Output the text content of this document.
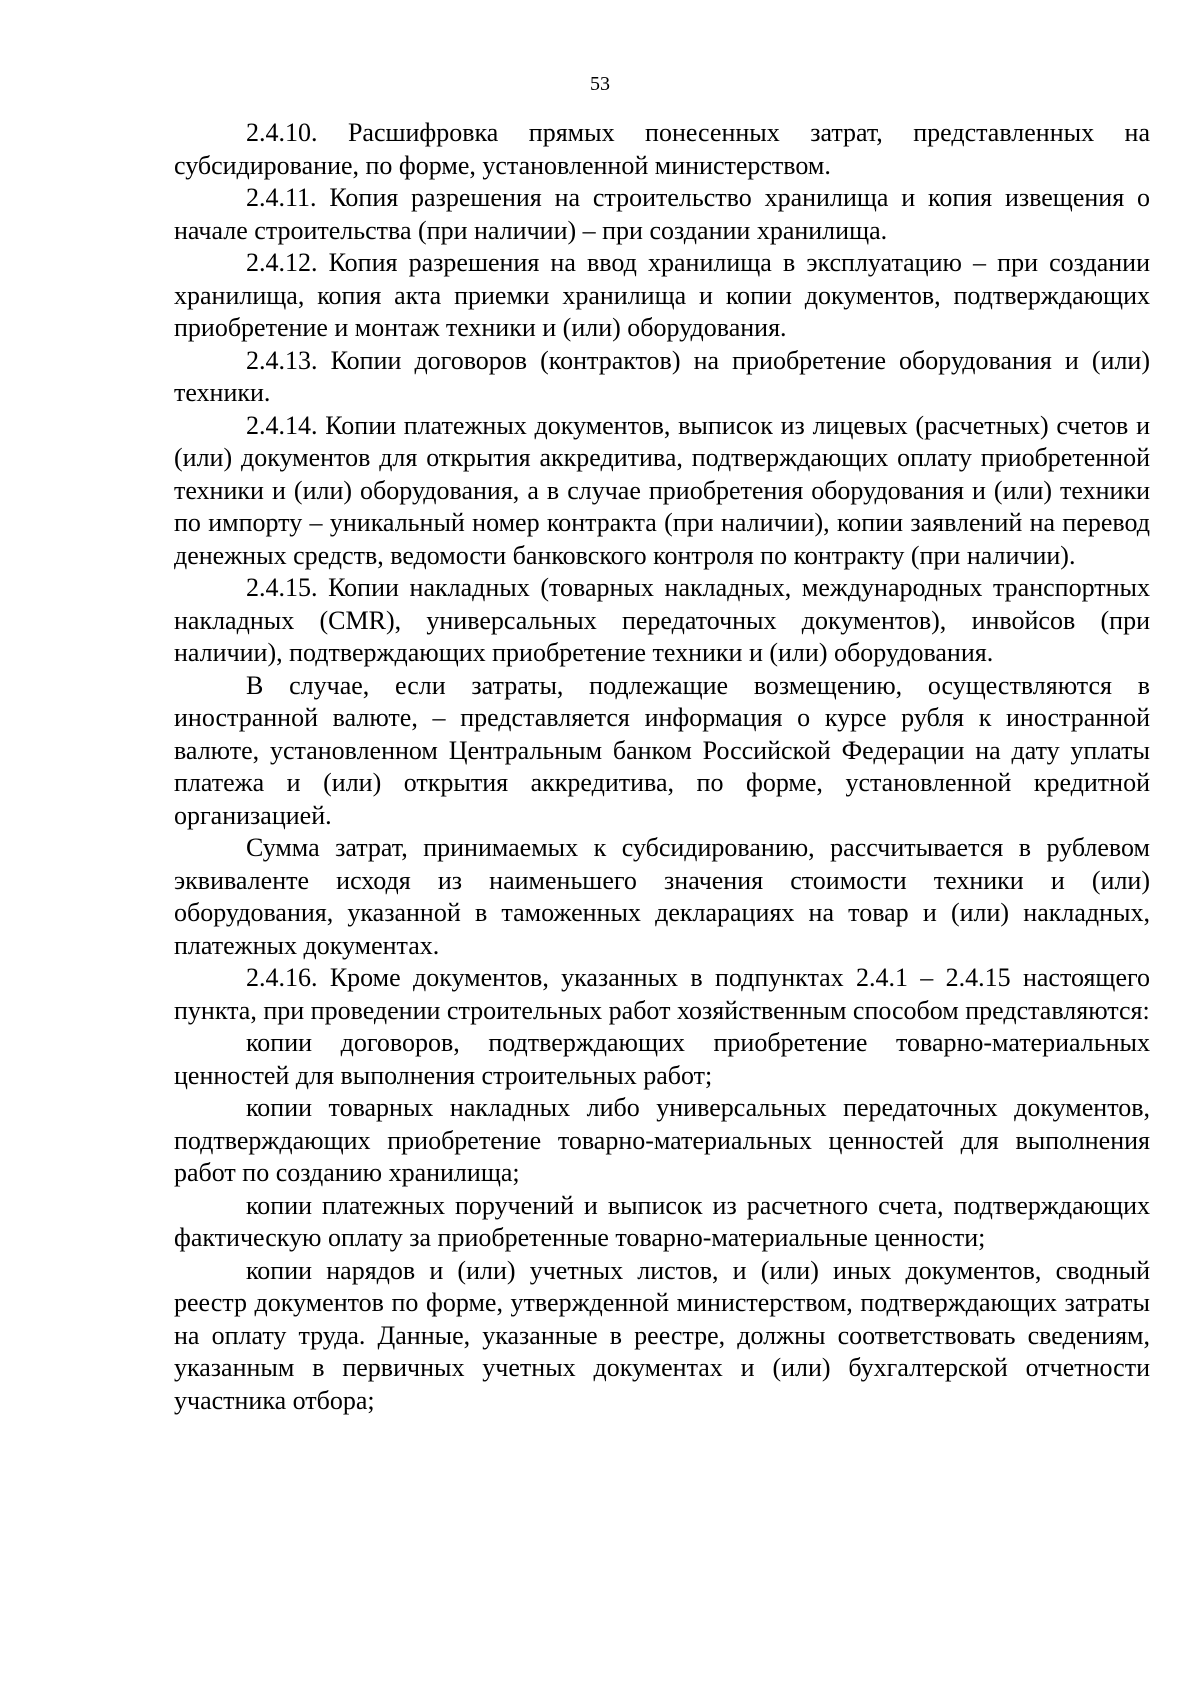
53

2.4.10. Расшифровка прямых понесенных затрат, представленных на субсидирование, по форме, установленной министерством.

2.4.11. Копия разрешения на строительство хранилища и копия извещения о начале строительства (при наличии) – при создании хранилища.

2.4.12. Копия разрешения на ввод хранилища в эксплуатацию – при создании хранилища, копия акта приемки хранилища и копии документов, подтверждающих приобретение и монтаж техники и (или) оборудования.

2.4.13. Копии договоров (контрактов) на приобретение оборудования и (или) техники.

2.4.14. Копии платежных документов, выписок из лицевых (расчетных) счетов и (или) документов для открытия аккредитива, подтверждающих оплату приобретенной техники и (или) оборудования, а в случае приобретения оборудования и (или) техники по импорту – уникальный номер контракта (при наличии), копии заявлений на перевод денежных средств, ведомости банковского контроля по контракту (при наличии).

2.4.15. Копии накладных (товарных накладных, международных транспортных накладных (CMR), универсальных передаточных документов), инвойсов (при наличии), подтверждающих приобретение техники и (или) оборудования.

В случае, если затраты, подлежащие возмещению, осуществляются в иностранной валюте, – представляется информация о курсе рубля к иностранной валюте, установленном Центральным банком Российской Федерации на дату уплаты платежа и (или) открытия аккредитива, по форме, установленной кредитной организацией.

Сумма затрат, принимаемых к субсидированию, рассчитывается в рублевом эквиваленте исходя из наименьшего значения стоимости техники и (или) оборудования, указанной в таможенных декларациях на товар и (или) накладных, платежных документах.

2.4.16. Кроме документов, указанных в подпунктах 2.4.1 – 2.4.15 настоящего пункта, при проведении строительных работ хозяйственным способом представляются:

копии договоров, подтверждающих приобретение товарно-материальных ценностей для выполнения строительных работ;

копии товарных накладных либо универсальных передаточных документов, подтверждающих приобретение товарно-материальных ценностей для выполнения работ по созданию хранилища;

копии платежных поручений и выписок из расчетного счета, подтверждающих фактическую оплату за приобретенные товарно-материальные ценности;

копии нарядов и (или) учетных листов, и (или) иных документов, сводный реестр документов по форме, утвержденной министерством, подтверждающих затраты на оплату труда. Данные, указанные в реестре, должны соответствовать сведениям, указанным в первичных учетных документах и (или) бухгалтерской отчетности участника отбора;
